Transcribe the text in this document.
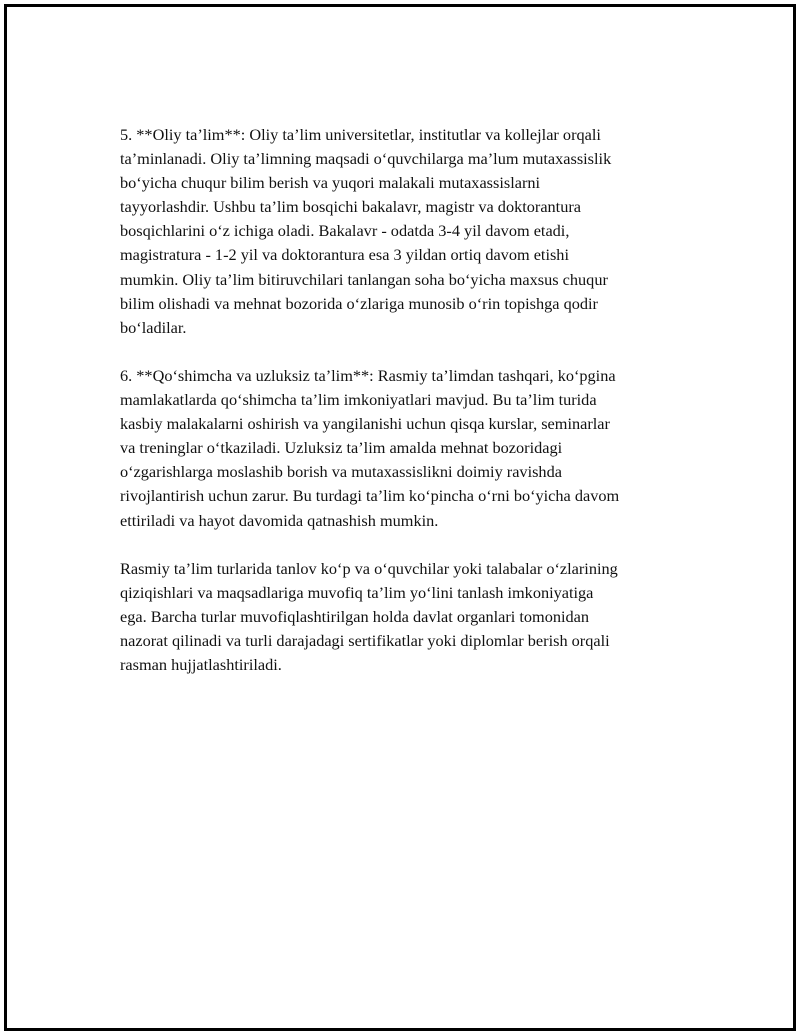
5. **Oliy ta’lim**: Oliy ta’lim universitetlar, institutlar va kollejlar orqali
ta’minlanadi. Oliy ta’limning maqsadi o‘quvchilarga ma’lum mutaxassislik
bo‘yicha chuqur bilim berish va yuqori malakali mutaxassislarni
tayyorlashdir. Ushbu ta’lim bosqichi bakalavr, magistr va doktorantura
bosqichlarini o‘z ichiga oladi. Bakalavr - odatda 3-4 yil davom etadi,
magistratura - 1-2 yil va doktorantura esa 3 yildan ortiq davom etishi
mumkin. Oliy ta’lim bitiruvchilari tanlangan soha bo‘yicha maxsus chuqur
bilim olishadi va mehnat bozorida o‘zlariga munosib o‘rin topishga qodir
bo‘ladilar.

6. **Qo‘shimcha va uzluksiz ta’lim**: Rasmiy ta’limdan tashqari, ko‘pgina
mamlakatlarda qo‘shimcha ta’lim imkoniyatlari mavjud. Bu ta’lim turida
kasbiy malakalarni oshirish va yangilanishi uchun qisqa kurslar, seminarlar
va treninglar o‘tkaziladi. Uzluksiz ta’lim amalda mehnat bozoridagi
o‘zgarishlarga moslashib borish va mutaxassislikni doimiy ravishda
rivojlantirish uchun zarur. Bu turdagi ta’lim ko‘pincha o‘rni bo‘yicha davom
ettiriladi va hayot davomida qatnashish mumkin.

Rasmiy ta’lim turlarida tanlov ko‘p va o‘quvchilar yoki talabalar o‘zlarining
qiziqishlari va maqsadlariga muvofiq ta’lim yo‘lini tanlash imkoniyatiga
ega. Barcha turlar muvofiqlashtirilgan holda davlat organlari tomonidan
nazorat qilinadi va turli darajadagi sertifikatlar yoki diplomlar berish orqali
rasman hujjatlashtiriladi.
